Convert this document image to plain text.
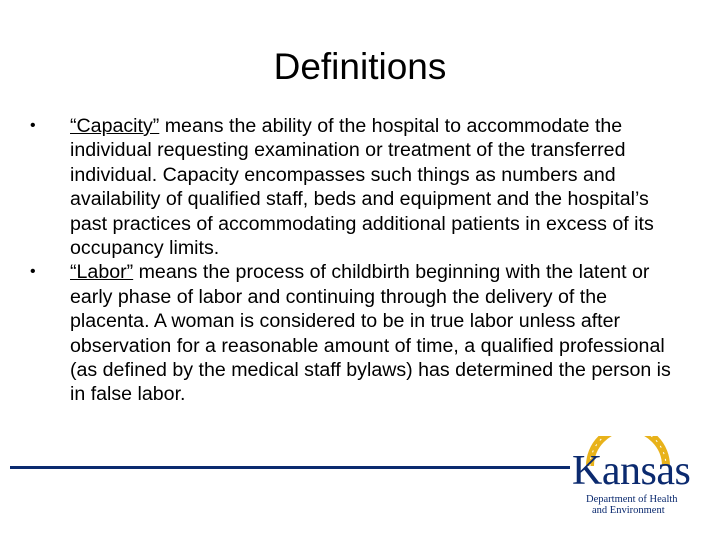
Definitions
• “Capacity” means the ability of the hospital to accommodate the individual requesting examination or treatment of the transferred individual. Capacity encompasses such things as numbers and availability of qualified staff, beds and equipment and the hospital’s past practices of accommodating additional patients in excess of its occupancy limits.
• “Labor” means the process of childbirth beginning with the latent or early phase of labor and continuing through the delivery of the placenta. A woman is considered to be in true labor unless after observation for a reasonable amount of time, a qualified professional (as defined by the medical staff bylaws) has determined the person is in false labor.
Kansas
Department of Health
and Environment
